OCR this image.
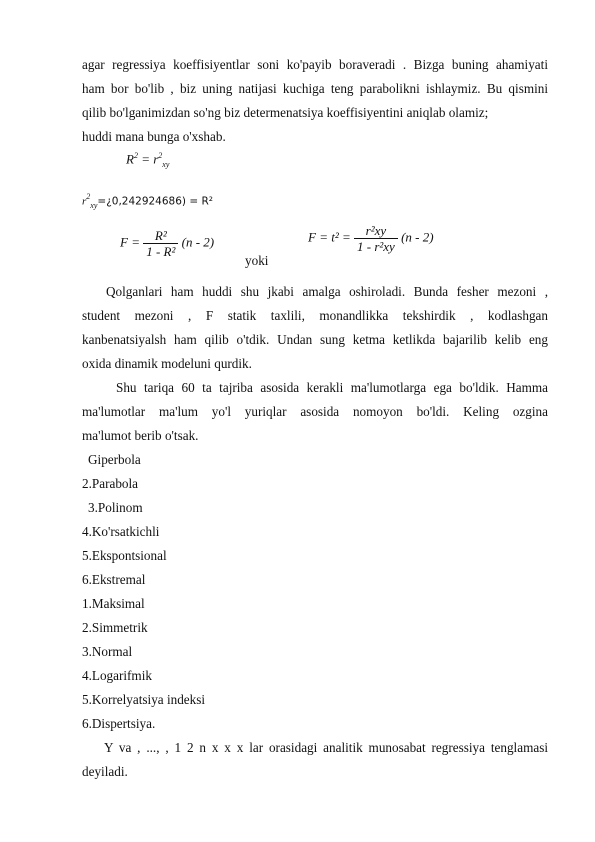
agar regressiya koeffisiyentlar soni ko'payib boraveradi . Bizga buning ahamiyati
ham bor bo'lib , biz uning natijasi kuchiga teng parabolikni ishlaymiz. Bu qismini
qilib bo'lganimizdan so'ng biz determenatsiya koeffisiyentini aniqlab olamiz;
huddi mana bunga o'xshab.
$R^2 = r^2_{xy}$
$r^2_{xy}=¿0,242924686) = R^2$
$F = \frac{\text{R²}}{\text{1 - R²}} (n - 2)$
yoki
$F = t^2 = \frac{\text{r²xy}}{\text{1 - r²xy}} (n - 2)$
Qolganlari ham huddi shu jkabi amalga oshiroladi. Bunda fesher mezoni ,
student mezoni , F statik taxlili, monandlikka tekshirdik , kodlashgan
kanbenatsiyalsh ham qilib o'tdik. Undan sung ketma ketlikda bajarilib kelib eng
oxida dinamik modeluni qurdik.
Shu tariqa 60 ta tajriba asosida kerakli ma'lumotlarga ega bo'ldik. Hamma
ma'lumotlar ma'lum yo'l yuriqlar asosida nomoyon bo'ldi. Keling ozgina
ma'lumot berib o'tsak.
Giperbola
2.Parabola
3.Polinom
4.Ko'rsatkichli
5.Ekspontsional
6.Ekstremal
1.Maksimal
2.Simmetrik
3.Normal
4.Logarifmik
5.Korrelyatsiya indeksi
6.Dispertsiya.
Y va , ..., , 1 2 n x x x lar orasidagi analitik munosabat regressiya tenglamasi
deyiladi.
